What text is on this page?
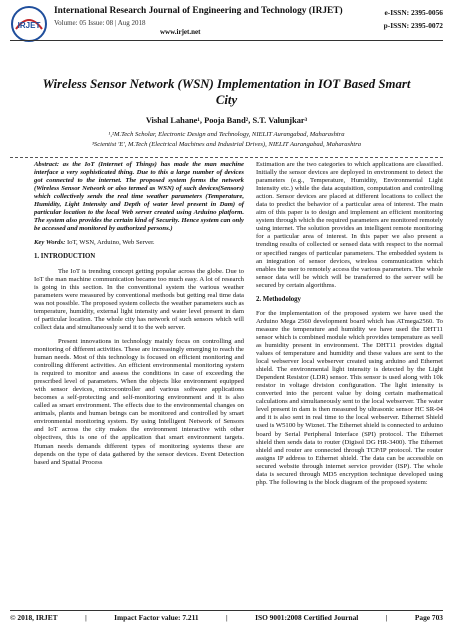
IRJET
International Research Journal of Engineering and Technology (IRJET)
Volume: 05 Issue: 08 | Aug 2018
www.irjet.net
e-ISSN: 2395-0056
p-ISSN: 2395-0072
Wireless Sensor Network (WSN) Implementation in IOT Based Smart City
Vishal Lahane¹, Pooja Band², S.T. Valunjkar³
¹,²M.Tech Scholar, Electronic Design and Technology, NIELIT Aurangabad, Maharashtra
³Scientist 'E', M.Tech (Electrical Machines and Industrial Drives), NIELIT Aurangabad, Maharashtra

Abstract: as the IoT (Internet of Things) has made the man machine interface a very sophisticated thing. Due to this a large number of devices got connected to the internet. The proposed system forms the network (Wireless Sensor Network or also termed as WSN) of such devices(Sensors) which collectively sends the real time weather parameters (Temperature, Humidity, Light Intensity and Depth of water level present in Dam) of particular location to the local Web server created using Arduino platform. The system also provides the certain kind of Security. Hence system can only be accessed and monitored by authorized persons.)

Key Words: IoT, WSN, Arduino, Web Server.

1. INTRODUCTION

The IoT is trending concept getting popular across the globe. Due to IoT the man machine communication became too much easy. A lot of research is going in this section. In the conventional system the various weather parameters were measured by conventional methods but getting real time data was not possible. The proposed system collects the weather parameters such as temperature, humidity, external light intensity and water level present in dam of particular location. The whole city has network of such sensors which will collect data and simultaneously send it to the web server.

Present innovations in technology mainly focus on controlling and monitoring of different activities. These are increasingly emerging to reach the human needs. Most of this technology is focused on efficient monitoring and controlling different activities. An efficient environmental monitoring system is required to monitor and assess the conditions in case of exceeding the prescribed level of parameters. When the objects like environment equipped with sensor devices, microcontroller and various software applications becomes a self-protecting and self-monitoring environment and it is also called as smart environment. The effects due to the environmental changes on animals, plants and human beings can be monitored and controlled by smart environmental monitoring system. By using Intelligent Network of Sensors and IoT across the city makes the environment interactive with other objectives, this is one of the application that smart environment targets. Human needs demands different types of monitoring systems these are depends on the type of data gathered by the sensor devices. Event Detection based and Spatial Process

Estimation are the two categories to which applications are classified. Initially the sensor devices are deployed in environment to detect the parameters (e.g., Temperature, Humidity, Environmental Light Intensity etc.) while the data acquisition, computation and controlling action. Sensor devices are placed at different locations to collect the data to predict the behavior of a particular area of interest. The main aim of this paper is to design and implement an efficient monitoring system through which the required parameters are monitored remotely using internet. The solution provides an intelligent remote monitoring for a particular area of interest. In this paper we also present a trending results of collected or sensed data with respect to the normal or specified ranges of particular parameters. The embedded system is an integration of sensor devices, wireless communication which enables the user to remotely access the various parameters. The whole sensor data will be which will be transferred to the server will be secured by certain algorithms.

2. Methodology

For the implementation of the proposed system we have used the Arduino Mega 2560 development board which has ATmega2560. To measure the temperature and humidity we have used the DHT11 sensor which is combined module which provides temperature as well as humidity present in environment. The DHT11 provides digital values of temperature and humidity and these values are sent to the local webserver local webserver created using arduino and Ethernet shield. The environmental light intensity is detected by the Light Dependent Resistor (LDR) sensor. This sensor is used along with 10k resistor in voltage division configuration. The light intensity is converted into the percent value by doing certain mathematical calculations and simultaneously sent to the local webserver. The water level present in dam is then measured by ultrasonic sensor HC SR-04 and it is also sent in real time to the local webserver. Ethernet Shield used is W5100 by Wiznet. The Ethernet shield is connected to arduino board by Serial Peripheral Interface (SPI) protocol. The Ethernet shield then sends data to router (Digisol DG HR-3400). The Ethernet shield and router are connected through TCP/IP protocol. The router assigns IP address to Ethernet shield. The data can be accessible on secured website through internet service provider (ISP). The whole data is secured through MD5 encryption technique developed using php. The following is the block diagram of the proposed system:

© 2018, IRJET	|	Impact Factor value: 7.211	|	ISO 9001:2008 Certified Journal	|	Page 703
